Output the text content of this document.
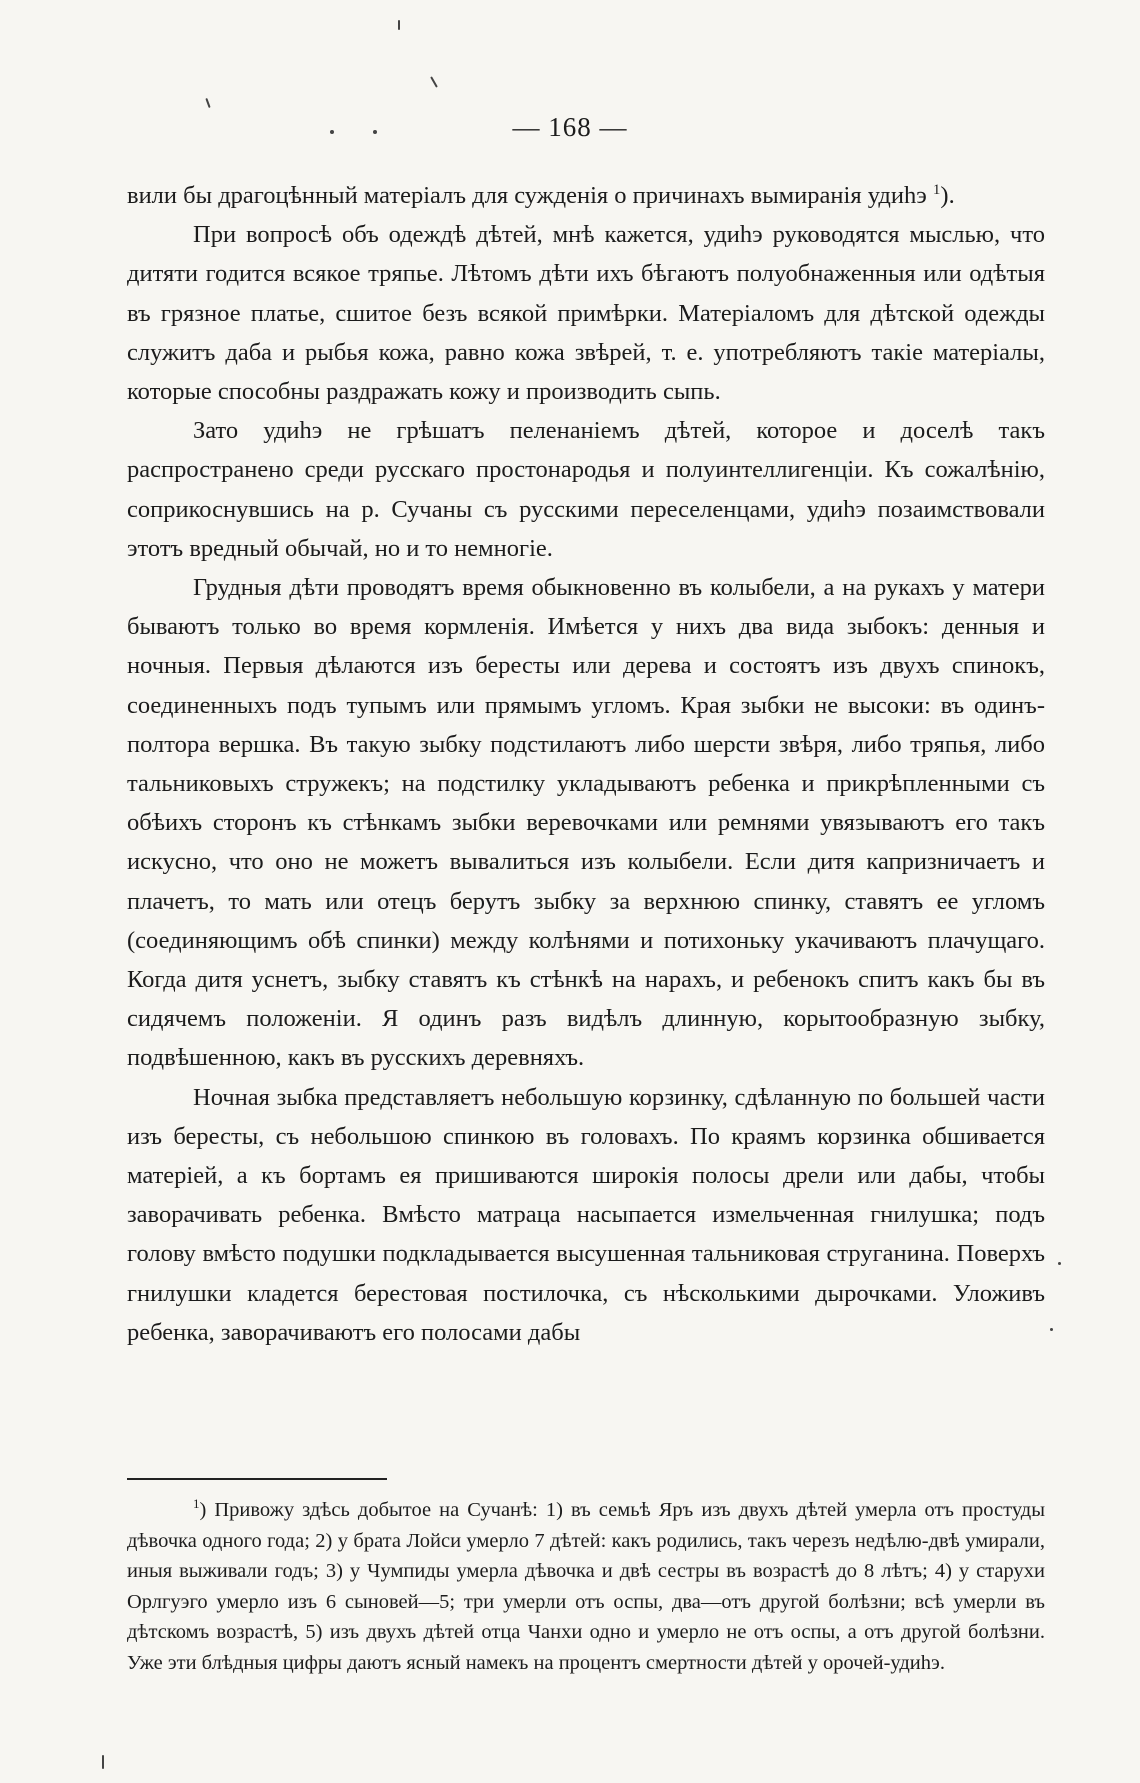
— 168 —

вили бы драгоцѣнный матеріалъ для сужденія о причинахъ вымиранія удиһэ $^1$).

При вопросѣ объ одеждѣ дѣтей, мнѣ кажется, удиһэ руководятся мыслью, что дитяти годится всякое тряпье. Лѣтомъ дѣти ихъ бѣгаютъ полуобнаженныя или одѣтыя въ грязное платье, сшитое безъ всякой примѣрки. Матеріаломъ для дѣтской одежды служитъ даба и рыбья кожа, равно кожа звѣрей, т. е. употребляютъ такіе матеріалы, которые способны раздражать кожу и производить сыпь.

Зато удиһэ не грѣшатъ пеленаніемъ дѣтей, которое и доселѣ такъ распространено среди русскаго простонародья и полуинтеллигенціи. Къ сожалѣнію, соприкоснувшись на р. Сучаны съ русскими переселенцами, удиһэ позаимствовали этотъ вредный обычай, но и то немногіе.

Грудныя дѣти проводятъ время обыкновенно въ колыбели, а на рукахъ у матери бываютъ только во время кормленія. Имѣется у нихъ два вида зыбокъ: денныя и ночныя. Первыя дѣлаются изъ бересты или дерева и состоятъ изъ двухъ спинокъ, соединенныхъ подъ тупымъ или прямымъ угломъ. Края зыбки не высоки: въ одинъ-полтора вершка. Въ такую зыбку подстилаютъ либо шерсти звѣря, либо тряпья, либо тальниковыхъ стружекъ; на подстилку укладываютъ ребенка и прикрѣпленными съ обѣихъ сторонъ къ стѣнкамъ зыбки веревочками или ремнями увязываютъ его такъ искусно, что оно не можетъ вывалиться изъ колыбели. Если дитя капризничаетъ и плачетъ, то мать или отецъ берутъ зыбку за верхнюю спинку, ставятъ ее угломъ (соединяющимъ обѣ спинки) между колѣнями и потихоньку укачиваютъ плачущаго. Когда дитя уснетъ, зыбку ставятъ къ стѣнкѣ на нарахъ, и ребенокъ спитъ какъ бы въ сидячемъ положеніи. Я одинъ разъ видѣлъ длинную, корытообразную зыбку, подвѣшенною, какъ въ русскихъ деревняхъ.

Ночная зыбка представляетъ небольшую корзинку, сдѣланную по большей части изъ бересты, съ небольшою спинкою въ головахъ. По краямъ корзинка обшивается матеріей, а къ бортамъ ея пришиваются широкія полосы дрели или дабы, чтобы заворачивать ребенка. Вмѣсто матраца насыпается измельченная гнилушка; подъ голову вмѣсто подушки подкладывается высушенная тальниковая струганина. Поверхъ гнилушки кладется берестовая постилочка, съ нѣсколькими дырочками. Уложивъ ребенка, заворачиваютъ его полосами дабы

$^1$) Привожу здѣсь добытое на Сучанѣ: 1) въ семьѣ Яръ изъ двухъ дѣтей умерла отъ простуды дѣвочка одного года; 2) у брата Лойси умерло 7 дѣтей: какъ родились, такъ черезъ недѣлю-двѣ умирали, иныя выживали годъ; 3) у Чумпиды умерла дѣвочка и двѣ сестры въ возрастѣ до 8 лѣтъ; 4) у старухи Орлгуэго умерло изъ 6 сыновей—5; три умерли отъ оспы, два—отъ другой болѣзни; всѣ умерли въ дѣтскомъ возрастѣ, 5) изъ двухъ дѣтей отца Чанхи одно и умерло не отъ оспы, а отъ другой болѣзни. Уже эти блѣдныя цифры даютъ ясный намекъ на процентъ смертности дѣтей у орочей-удиһэ.
